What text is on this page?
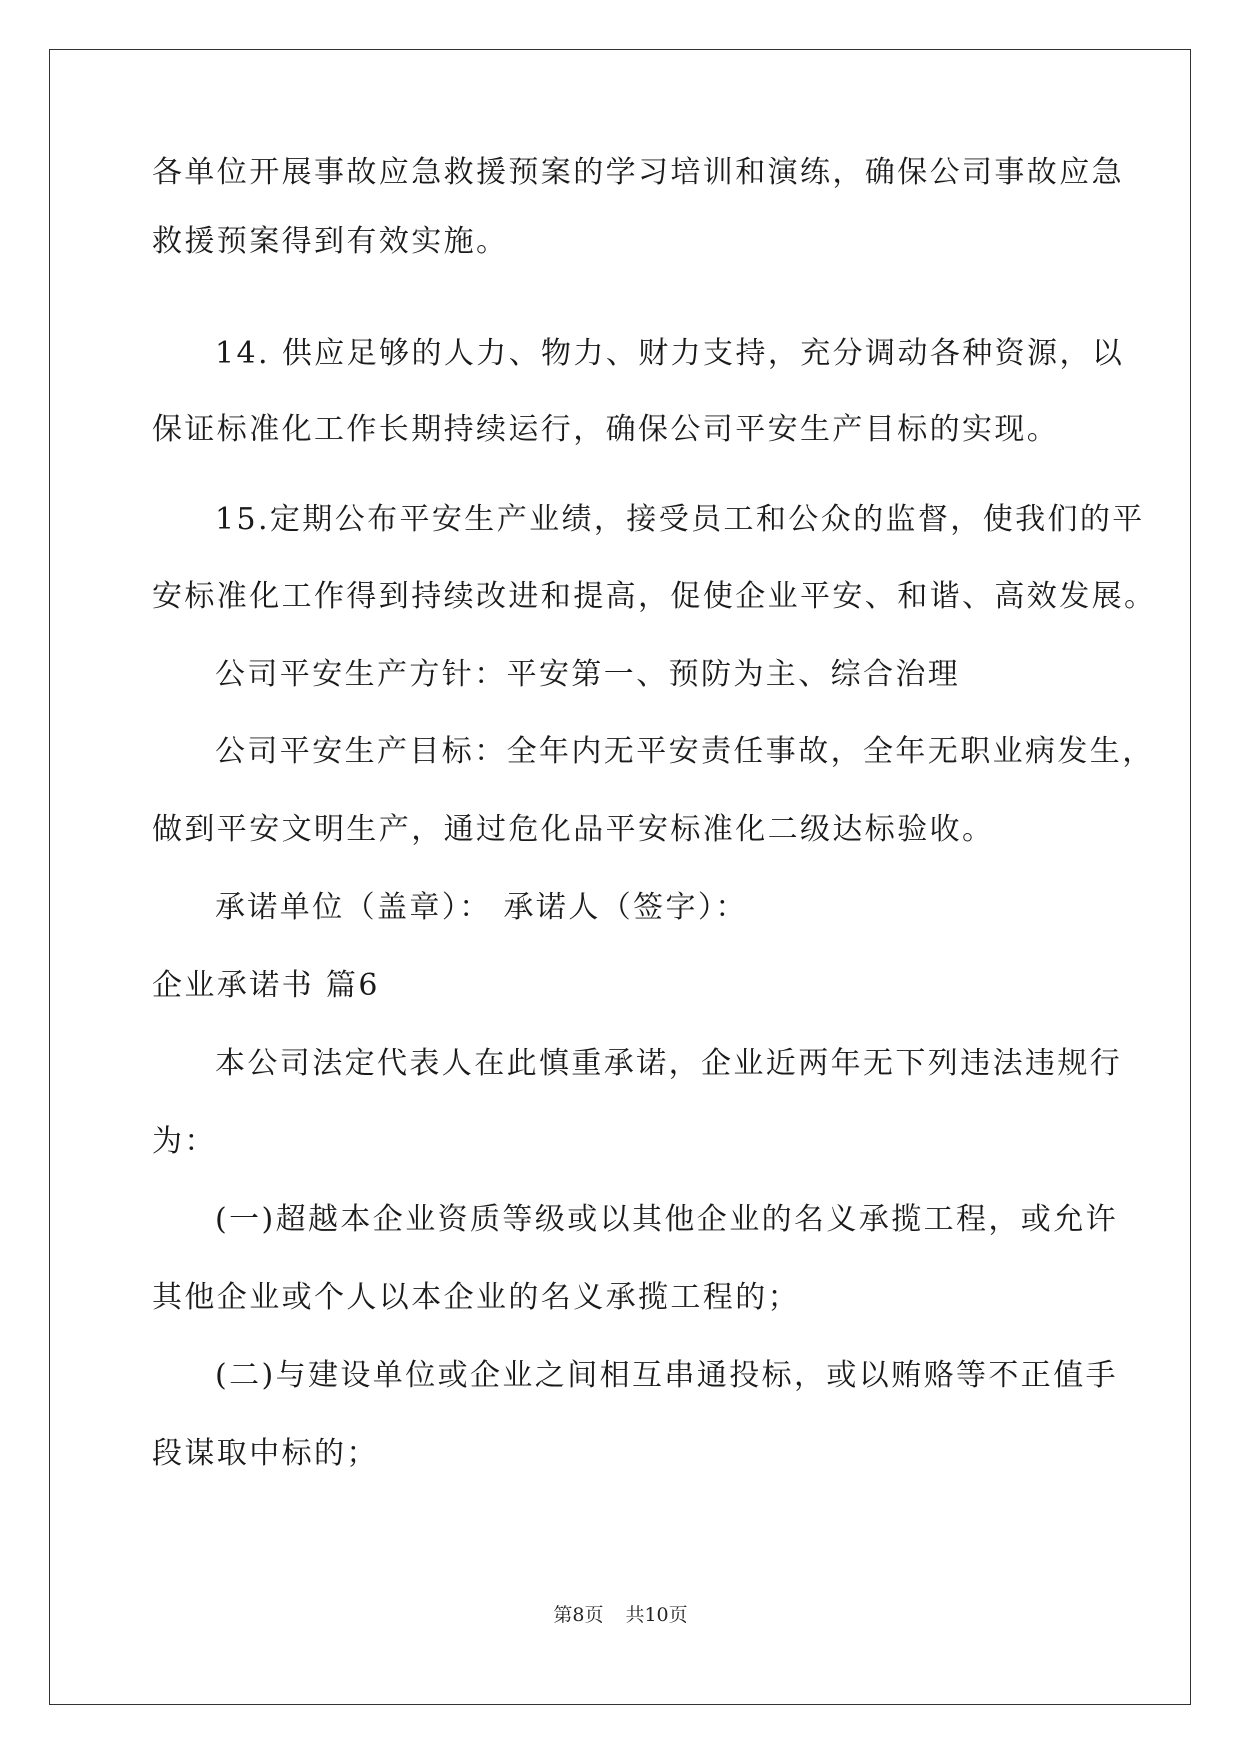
各单位开展事故应急救援预案的学习培训和演练，确保公司事故应急
救援预案得到有效实施。
14. 供应足够的人力、物力、财力支持，充分调动各种资源，以
保证标准化工作长期持续运行，确保公司平安生产目标的实现。
15.定期公布平安生产业绩，接受员工和公众的监督，使我们的平
安标准化工作得到持续改进和提高，促使企业平安、和谐、高效发展。
公司平安生产方针：平安第一、预防为主、综合治理
公司平安生产目标：全年内无平安责任事故，全年无职业病发生，
做到平安文明生产，通过危化品平安标准化二级达标验收。
承诺单位（盖章）： 承诺人（签字）：
企业承诺书 篇6
本公司法定代表人在此慎重承诺，企业近两年无下列违法违规行
为：
(一)超越本企业资质等级或以其他企业的名义承揽工程，或允许
其他企业或个人以本企业的名义承揽工程的；
(二)与建设单位或企业之间相互串通投标，或以贿赂等不正值手
段谋取中标的；
第8页 共10页
